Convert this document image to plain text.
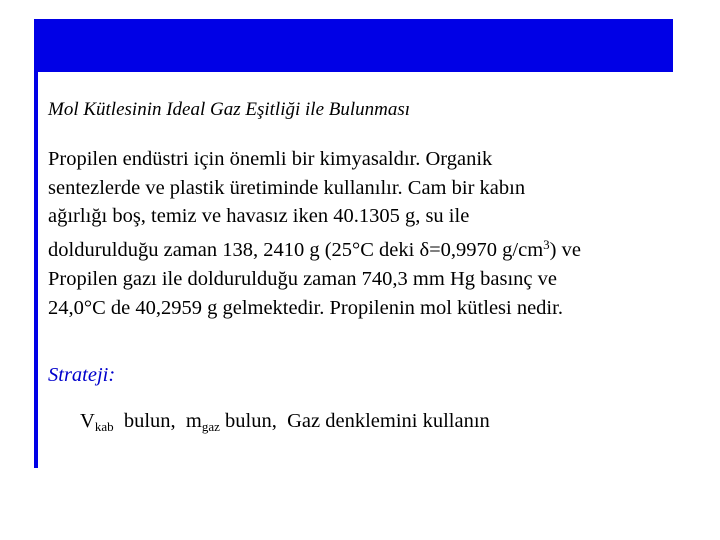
Mol Kütlesinin Ideal Gaz Eşitliği ile Bulunması

Propilen endüstri için önemli bir kimyasaldır. Organik
sentezlerde ve plastik üretiminde kullanılır. Cam bir kabın
ağırlığı boş, temiz ve havasız iken 40.1305 g, su ile
doldurulduğu zaman 138, 2410 g (25°C deki δ=0,9970 $g/cm^3$) ve
Propilen gazı ile doldurulduğu zaman 740,3 mm Hg basınç ve
24,0°C de 40,2959 g gelmektedir. Propilenin mol kütlesi nedir.

Strateji:

$V_{kab}$  bulun,  $m_{gaz}$ bulun,  Gaz denklemini kullanın
